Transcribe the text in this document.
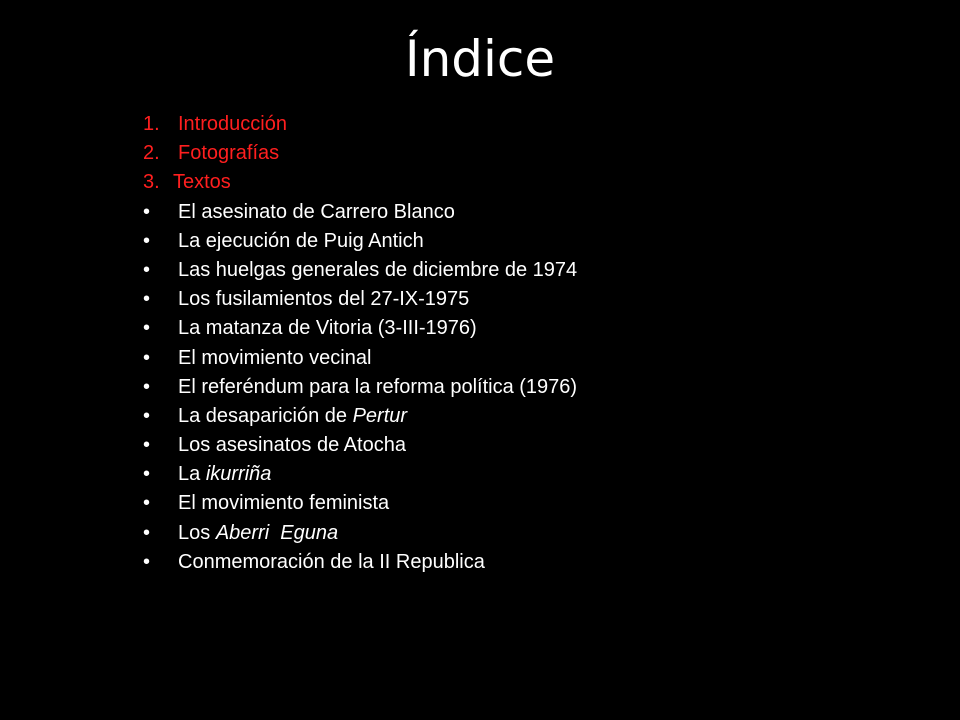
Índice
1. Introducción
2. Fotografías
3. Textos
• El asesinato de Carrero Blanco
• La ejecución de Puig Antich
• Las huelgas generales de diciembre de 1974
• Los fusilamientos del 27-IX-1975
• La matanza de Vitoria (3-III-1976)
• El movimiento vecinal
• El referéndum para la reforma política (1976)
• La desaparición de Pertur
• Los asesinatos de Atocha
• La ikurriña
• El movimiento feminista
• Los Aberri  Eguna
• Conmemoración de la II Republica
